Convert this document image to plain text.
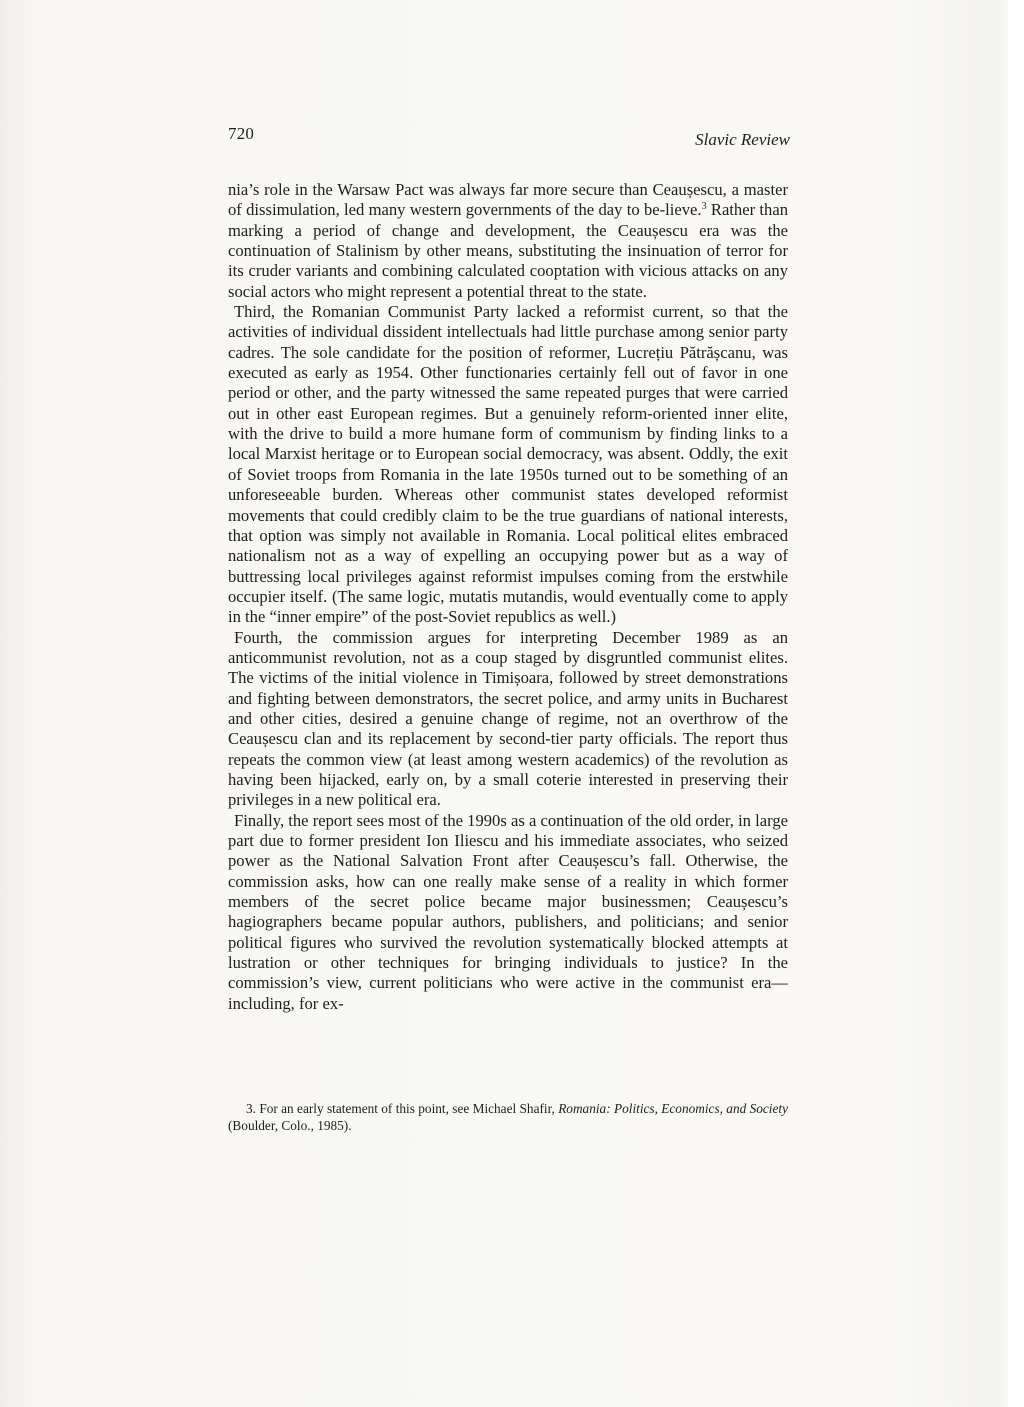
720	Slavic Review

nia’s role in the Warsaw Pact was always far more secure than Ceaușescu, a master of dissimulation, led many western governments of the day to be-lieve.$^3$ Rather than marking a period of change and development, the Ceaușescu era was the continuation of Stalinism by other means, substituting the insinuation of terror for its cruder variants and combining calculated cooptation with vicious attacks on any social actors who might represent a potential threat to the state.

Third, the Romanian Communist Party lacked a reformist current, so that the activities of individual dissident intellectuals had little purchase among senior party cadres. The sole candidate for the position of reformer, Lucrețiu Pătrășcanu, was executed as early as 1954. Other functionaries certainly fell out of favor in one period or other, and the party witnessed the same repeated purges that were carried out in other east European regimes. But a genuinely reform-oriented inner elite, with the drive to build a more humane form of communism by finding links to a local Marxist heritage or to European social democracy, was absent. Oddly, the exit of Soviet troops from Romania in the late 1950s turned out to be something of an unforeseeable burden. Whereas other communist states developed reformist movements that could credibly claim to be the true guardians of national interests, that option was simply not available in Romania. Local political elites embraced nationalism not as a way of expelling an occupying power but as a way of buttressing local privileges against reformist impulses coming from the erstwhile occupier itself. (The same logic, mutatis mutandis, would eventually come to apply in the “inner empire” of the post-Soviet republics as well.)

Fourth, the commission argues for interpreting December 1989 as an anticommunist revolution, not as a coup staged by disgruntled communist elites. The victims of the initial violence in Timișoara, followed by street demonstrations and fighting between demonstrators, the secret police, and army units in Bucharest and other cities, desired a genuine change of regime, not an overthrow of the Ceaușescu clan and its replacement by second-tier party officials. The report thus repeats the common view (at least among western academics) of the revolution as having been hijacked, early on, by a small coterie interested in preserving their privileges in a new political era.

Finally, the report sees most of the 1990s as a continuation of the old order, in large part due to former president Ion Iliescu and his immediate associates, who seized power as the National Salvation Front after Ceaușescu’s fall. Otherwise, the commission asks, how can one really make sense of a reality in which former members of the secret police became major businessmen; Ceaușescu’s hagiographers became popular authors, publishers, and politicians; and senior political figures who survived the revolution systematically blocked attempts at lustration or other techniques for bringing individuals to justice? In the commission’s view, current politicians who were active in the communist era—including, for ex-

3. For an early statement of this point, see Michael Shafir, Romania: Politics, Economics, and Society (Boulder, Colo., 1985).
